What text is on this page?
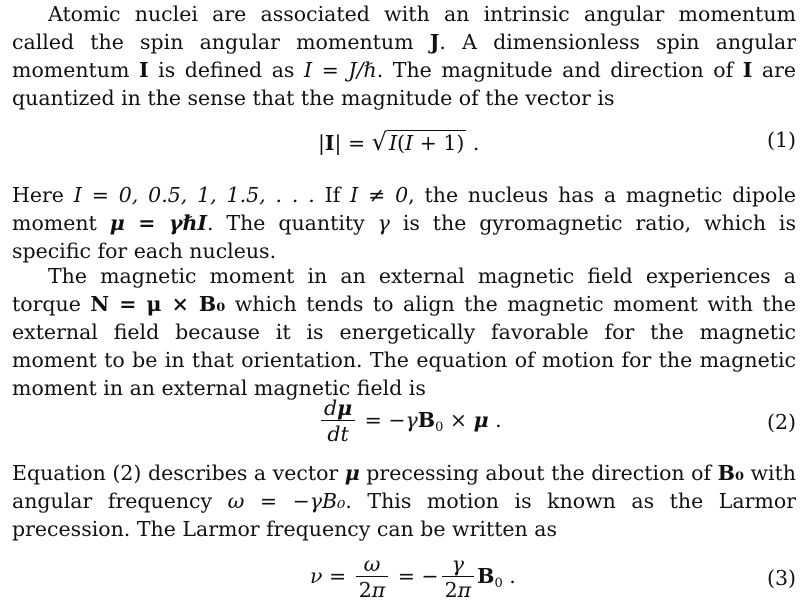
Atomic nuclei are associated with an intrinsic angular momentum called the spin angular momentum J. A dimensionless spin angular momentum I is defined as I = J/ℏ. The magnitude and direction of I are quantized in the sense that the magnitude of the vector is

|I| = √I(I + 1) .	(1)

Here I = 0, 0.5, 1, 1.5, . . . If I ≠ 0, the nucleus has a magnetic dipole moment μ = γℏI. The quantity γ is the gyromagnetic ratio, which is specific for each nucleus.

The magnetic moment in an external magnetic field experiences a torque N = μ × B₀ which tends to align the magnetic moment with the external field because it is energetically favorable for the magnetic moment to be in that orientation. The equation of motion for the magnetic moment in an external magnetic field is

$\frac{d\mu}{dt} = -\gamma B_0 \times \mu$ .	(2)

Equation (2) describes a vector μ precessing about the direction of B₀ with angular frequency ω = −γB₀. This motion is known as the Larmor precession. The Larmor frequency can be written as

$\nu = \frac{\omega}{2\pi}$ = − $\frac{\gamma}{2\pi} B_0$ .	(3)
